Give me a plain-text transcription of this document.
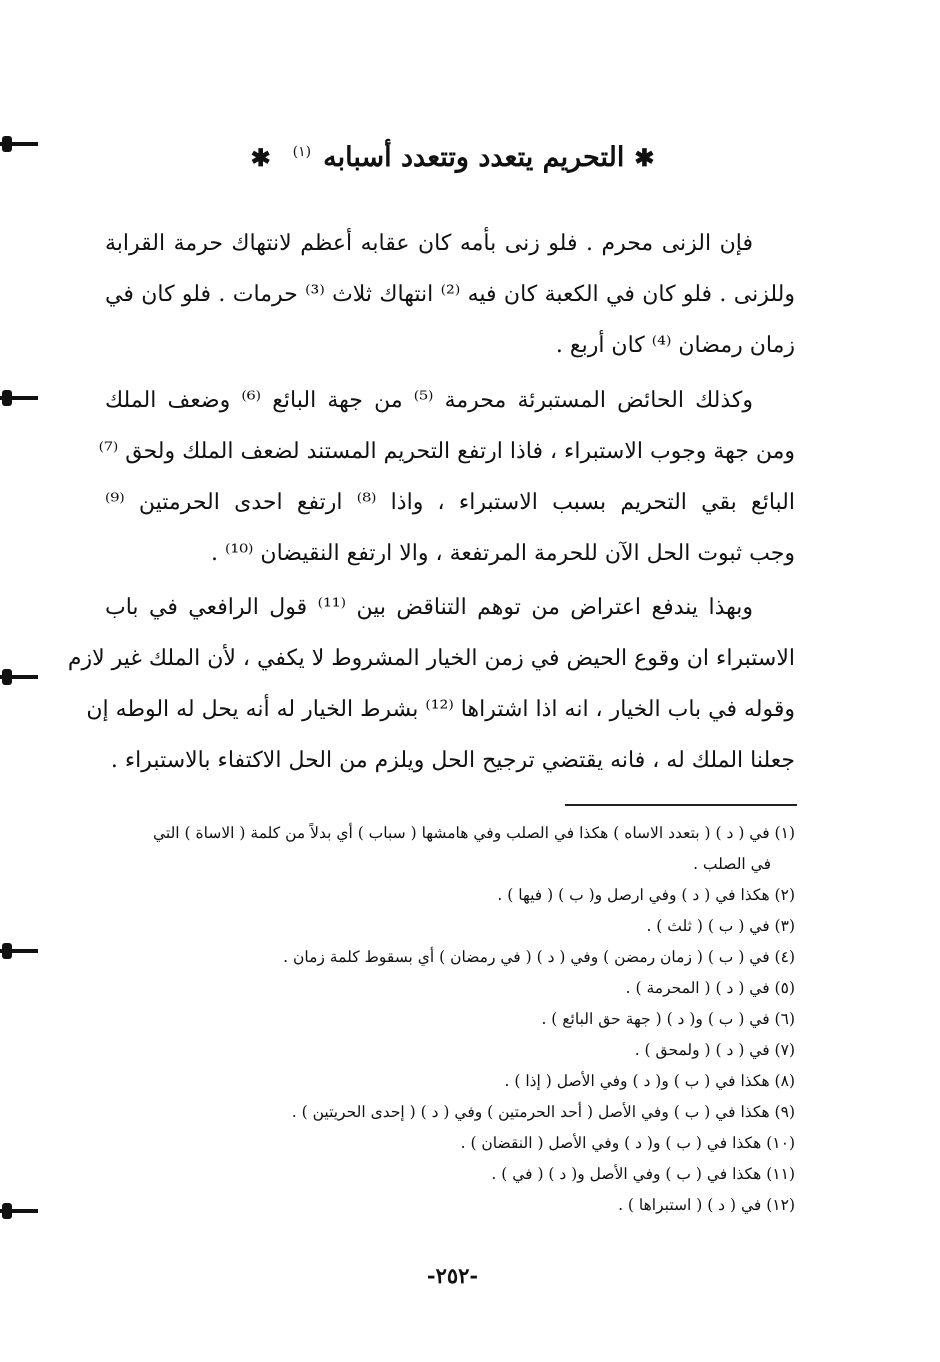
✱التحريم يتعدد وتتعدد أسبابه$^{(١)}$✱
فإن الزنى محرم . فلو زنى بأمه كان عقابه أعظم لانتهاك حرمة القرابة
وللزنى . فلو كان في الكعبة كان فيه ⁽²⁾ انتهاك ثلاث ⁽³⁾ حرمات . فلو كان في
زمان رمضان ⁽⁴⁾ كان أربع .
وكذلك الحائض المستبرئة محرمة ⁽⁵⁾ من جهة البائع ⁽⁶⁾ وضعف الملك
ومن جهة وجوب الاستبراء ، فاذا ارتفع التحريم المستند لضعف الملك ولحق ⁽⁷⁾
البائع بقي التحريم بسبب الاستبراء ، واذا ⁽⁸⁾ ارتفع احدى الحرمتين ⁽⁹⁾
وجب ثبوت الحل الآن للحرمة المرتفعة ، والا ارتفع النقيضان ⁽¹⁰⁾ .
وبهذا يندفع اعتراض من توهم التناقض بين ⁽¹¹⁾ قول الرافعي في باب
الاستبراء ان وقوع الحيض في زمن الخيار المشروط لا يكفي ، لأن الملك غير لازم
وقوله في باب الخيار ، انه اذا اشتراها ⁽¹²⁾ بشرط الخيار له أنه يحل له الوطه إن
جعلنا الملك له ، فانه يقتضي ترجيح الحل ويلزم من الحل الاكتفاء بالاستبراء .
(١) في ( د ) ( بتعدد الاساه ) هكذا في الصلب وفي هامشها ( سباب ) أي بدلاً من كلمة ( الاساة ) التي
في الصلب .
(٢) هكذا في ( د ) وفي ارصل و( ب ) ( فيها ) .
(٣) في ( ب ) ( ثلث ) .
(٤) في ( ب ) ( زمان رمضن ) وفي ( د ) ( في رمضان ) أي بسقوط كلمة زمان .
(٥) في ( د ) ( المحرمة ) .
(٦) في ( ب ) و( د ) ( جهة حق البائع ) .
(٧) في ( د ) ( ولمحق ) .
(٨) هكذا في ( ب ) و( د ) وفي الأصل ( إذا ) .
(٩) هكذا في ( ب ) وفي الأصل ( أحد الحرمتين ) وفي ( د ) ( إحدى الحريتين ) .
(١٠) هكذا في ( ب ) و( د ) وفي الأصل ( النقضان ) .
(١١) هكذا في ( ب ) وفي الأصل و( د ) ( في ) .
(١٢) في ( د ) ( استبراها ) .
-٢٥٢-
